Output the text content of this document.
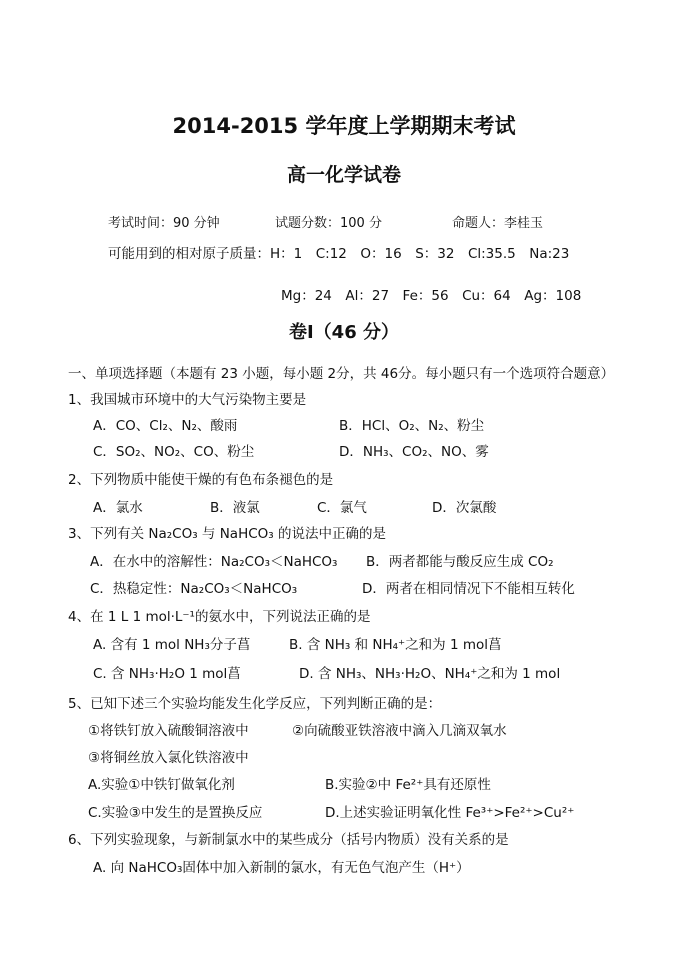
2014-2015 学年度上学期期末考试
高一化学试卷
考试时间：90 分钟	试题分数：100 分	命题人：李桂玉
可能用到的相对原子质量：H：1　C:12　O：16　S：32　Cl:35.5　Na:23
Mg：24　Al：27　Fe：56　Cu：64　Ag：108
卷Ⅰ（46 分）
一、单项选择题（本题有 23 小题，每小题 2分，共 46分。每小题只有一个选项符合题意）
1、我国城市环境中的大气污染物主要是
A．CO、Cl₂、N₂、酸雨	B．HCl、O₂、N₂、粉尘
C．SO₂、NO₂、CO、粉尘	D．NH₃、CO₂、NO、雾
2、下列物质中能使干燥的有色布条褪色的是
A．氯水	B．液氯	C．氯气	D．次氯酸
3、下列有关 Na₂CO₃ 与 NaHCO₃ 的说法中正确的是
A．在水中的溶解性：Na₂CO₃＜NaHCO₃ B．两者都能与酸反应生成 CO₂
C．热稳定性：Na₂CO₃＜NaHCO₃	D．两者在相同情况下不能相互转化
4、在 1 L 1 mol·L⁻¹的氨水中，下列说法正确的是
A. 含有 1 mol NH₃分子菖	B. 含 NH₃ 和 NH₄⁺之和为 1 mol菖
C. 含 NH₃·H₂O 1 mol菖	D. 含 NH₃、NH₃·H₂O、NH₄⁺之和为 1 mol
5、已知下述三个实验均能发生化学反应，下列判断正确的是：
①将铁钉放入硫酸铜溶液中	②向硫酸亚铁溶液中滴入几滴双氧水
③将铜丝放入氯化铁溶液中
A.实验①中铁钉做氧化剂	B.实验②中 Fe²⁺具有还原性
C.实验③中发生的是置换反应	D.上述实验证明氧化性 Fe³⁺>Fe²⁺>Cu²⁺
6、下列实验现象，与新制氯水中的某些成分（括号内物质）没有关系的是
A. 向 NaHCO₃固体中加入新制的氯水，有无色气泡产生（H⁺）
